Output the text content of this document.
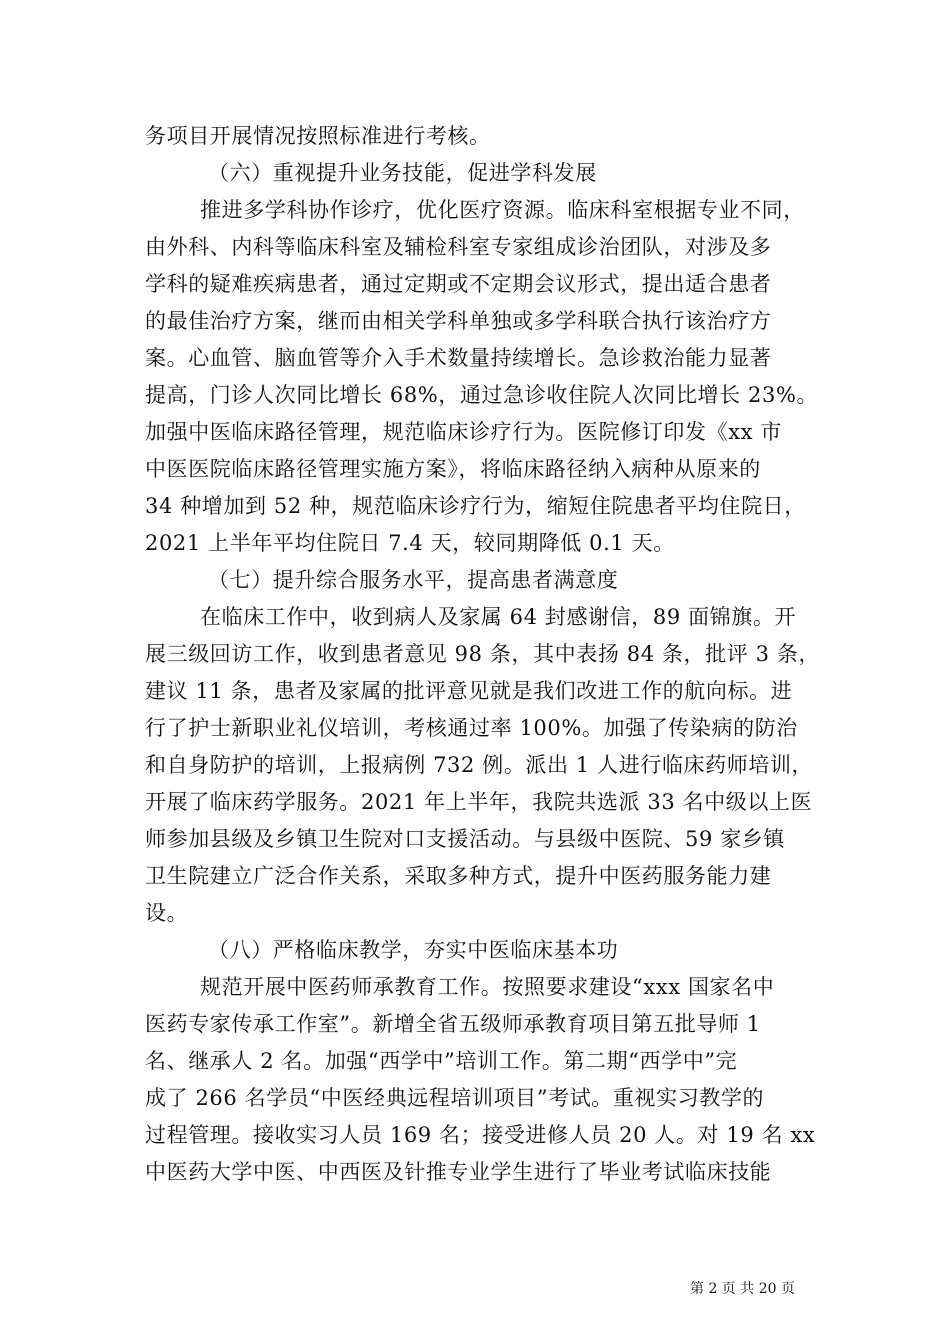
务项目开展情况按照标准进行考核。
（六）重视提升业务技能，促进学科发展
推进多学科协作诊疗，优化医疗资源。临床科室根据专业不同，
由外科、内科等临床科室及辅检科室专家组成诊治团队，对涉及多
学科的疑难疾病患者，通过定期或不定期会议形式，提出适合患者
的最佳治疗方案，继而由相关学科单独或多学科联合执行该治疗方
案。心血管、脑血管等介入手术数量持续增长。急诊救治能力显著
提高，门诊人次同比增长 68%，通过急诊收住院人次同比增长 23%。
加强中医临床路径管理，规范临床诊疗行为。医院修订印发《xx 市
中医医院临床路径管理实施方案》，将临床路径纳入病种从原来的
34 种增加到 52 种，规范临床诊疗行为，缩短住院患者平均住院日，
2021 上半年平均住院日 7.4 天，较同期降低 0.1 天。
（七）提升综合服务水平，提高患者满意度
在临床工作中，收到病人及家属 64 封感谢信，89 面锦旗。开
展三级回访工作，收到患者意见 98 条，其中表扬 84 条，批评 3 条，
建议 11 条，患者及家属的批评意见就是我们改进工作的航向标。进
行了护士新职业礼仪培训，考核通过率 100%。加强了传染病的防治
和自身防护的培训，上报病例 732 例。派出 1 人进行临床药师培训，
开展了临床药学服务。2021 年上半年，我院共选派 33 名中级以上医
师参加县级及乡镇卫生院对口支援活动。与县级中医院、59 家乡镇
卫生院建立广泛合作关系，采取多种方式，提升中医药服务能力建
设。
（八）严格临床教学，夯实中医临床基本功
规范开展中医药师承教育工作。按照要求建设“xxx 国家名中
医药专家传承工作室”。新增全省五级师承教育项目第五批导师 1
名、继承人 2 名。加强“西学中”培训工作。第二期“西学中”完
成了 266 名学员“中医经典远程培训项目”考试。重视实习教学的
过程管理。接收实习人员 169 名；接受进修人员 20 人。对 19 名 xx
中医药大学中医、中西医及针推专业学生进行了毕业考试临床技能
第 2 页 共 20 页
